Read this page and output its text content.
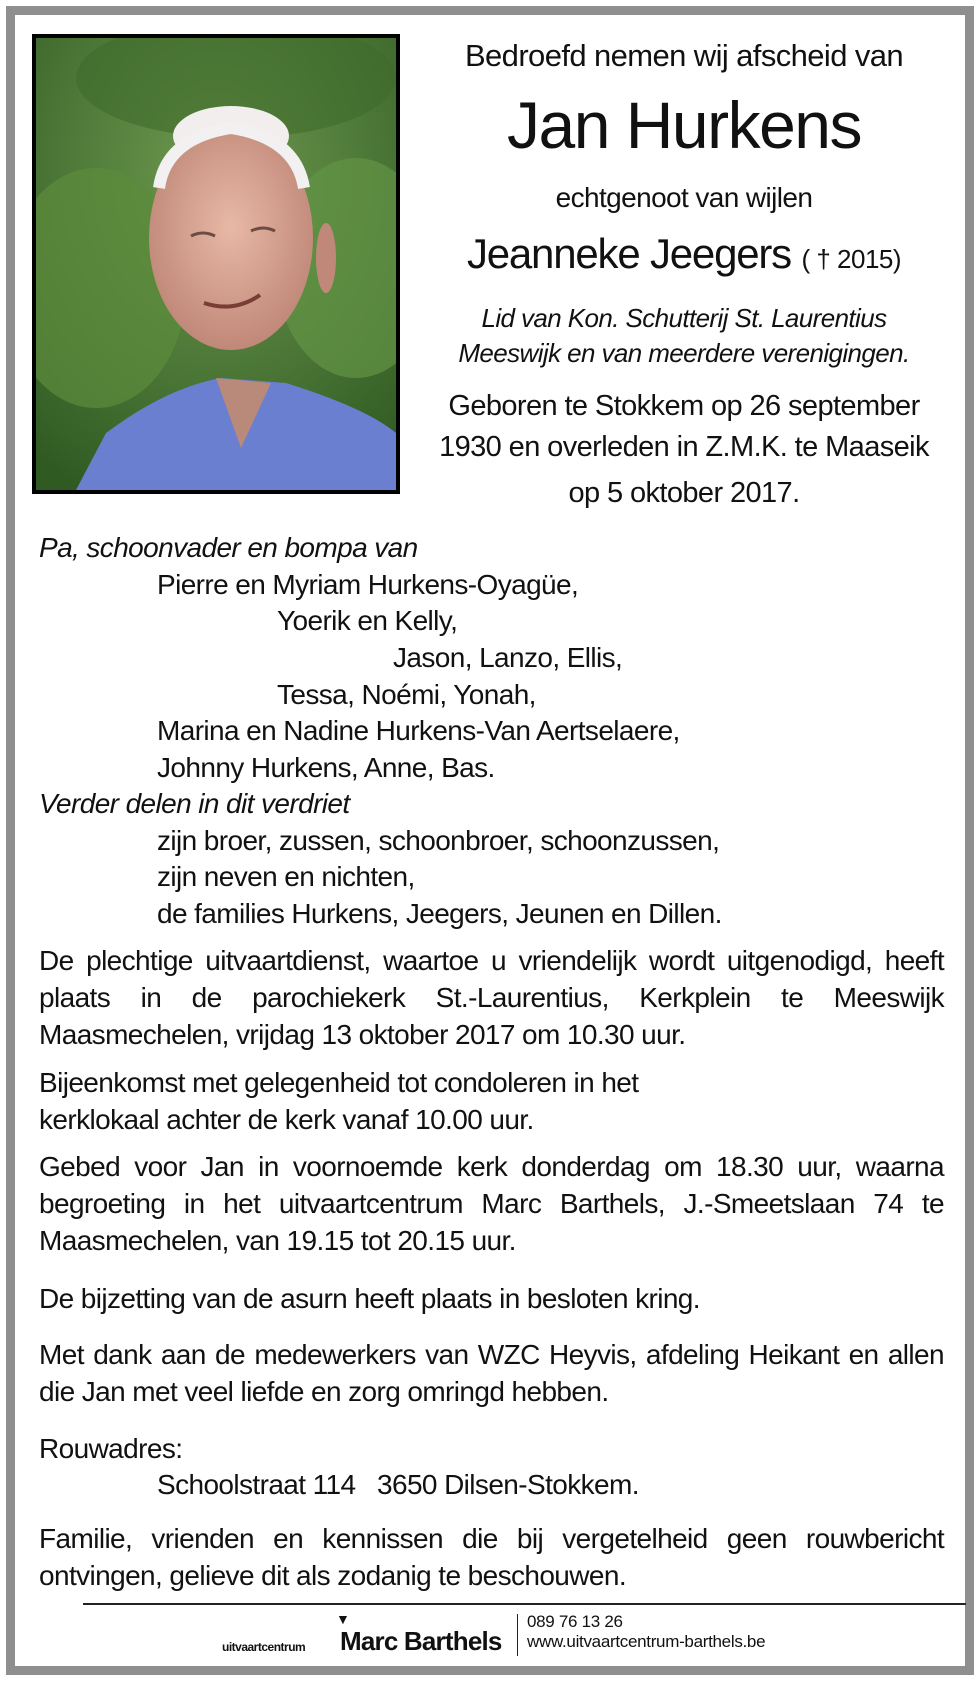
Bedroefd nemen wij afscheid van
Jan Hurkens
echtgenoot van wijlen
Jeanneke Jeegers ( † 2015)
Lid van Kon. Schutterij St. Laurentius
Meeswijk en van meerdere verenigingen.
Geboren te Stokkem op 26 september
1930 en overleden in Z.M.K. te Maaseik
op 5 oktober 2017.
Pa, schoonvader en bompa van
Pierre en Myriam Hurkens-Oyagüe,
Yoerik en Kelly,
Jason, Lanzo, Ellis,
Tessa, Noémi, Yonah,
Marina en Nadine Hurkens-Van Aertselaere,
Johnny Hurkens, Anne, Bas.
Verder delen in dit verdriet
zijn broer, zussen, schoonbroer, schoonzussen,
zijn neven en nichten,
de families Hurkens, Jeegers, Jeunen en Dillen.
De plechtige uitvaartdienst, waartoe u vriendelijk wordt uitgenodigd, heeft plaats in de parochiekerk St.-Laurentius, Kerkplein te Meeswijk Maasmechelen, vrijdag 13 oktober 2017 om 10.30 uur.
Bijeenkomst met gelegenheid tot condoleren in het
kerklokaal achter de kerk vanaf 10.00 uur.
Gebed voor Jan in voornoemde kerk donderdag om 18.30 uur, waarna begroeting in het uitvaartcentrum Marc Barthels, J.-Smeetslaan 74 te Maasmechelen, van 19.15 tot 20.15 uur.
De bijzetting van de asurn heeft plaats in besloten kring.
Met dank aan de medewerkers van WZC Heyvis, afdeling Heikant en allen die Jan met veel liefde en zorg omringd hebben.
Rouwadres:
Schoolstraat 114   3650 Dilsen-Stokkem.
Familie, vrienden en kennissen die bij vergetelheid geen rouwbericht ontvingen, gelieve dit als zodanig te beschouwen.
▼
uitvaartcentrum Marc Barthels
089 76 13 26
www.uitvaartcentrum-barthels.be
